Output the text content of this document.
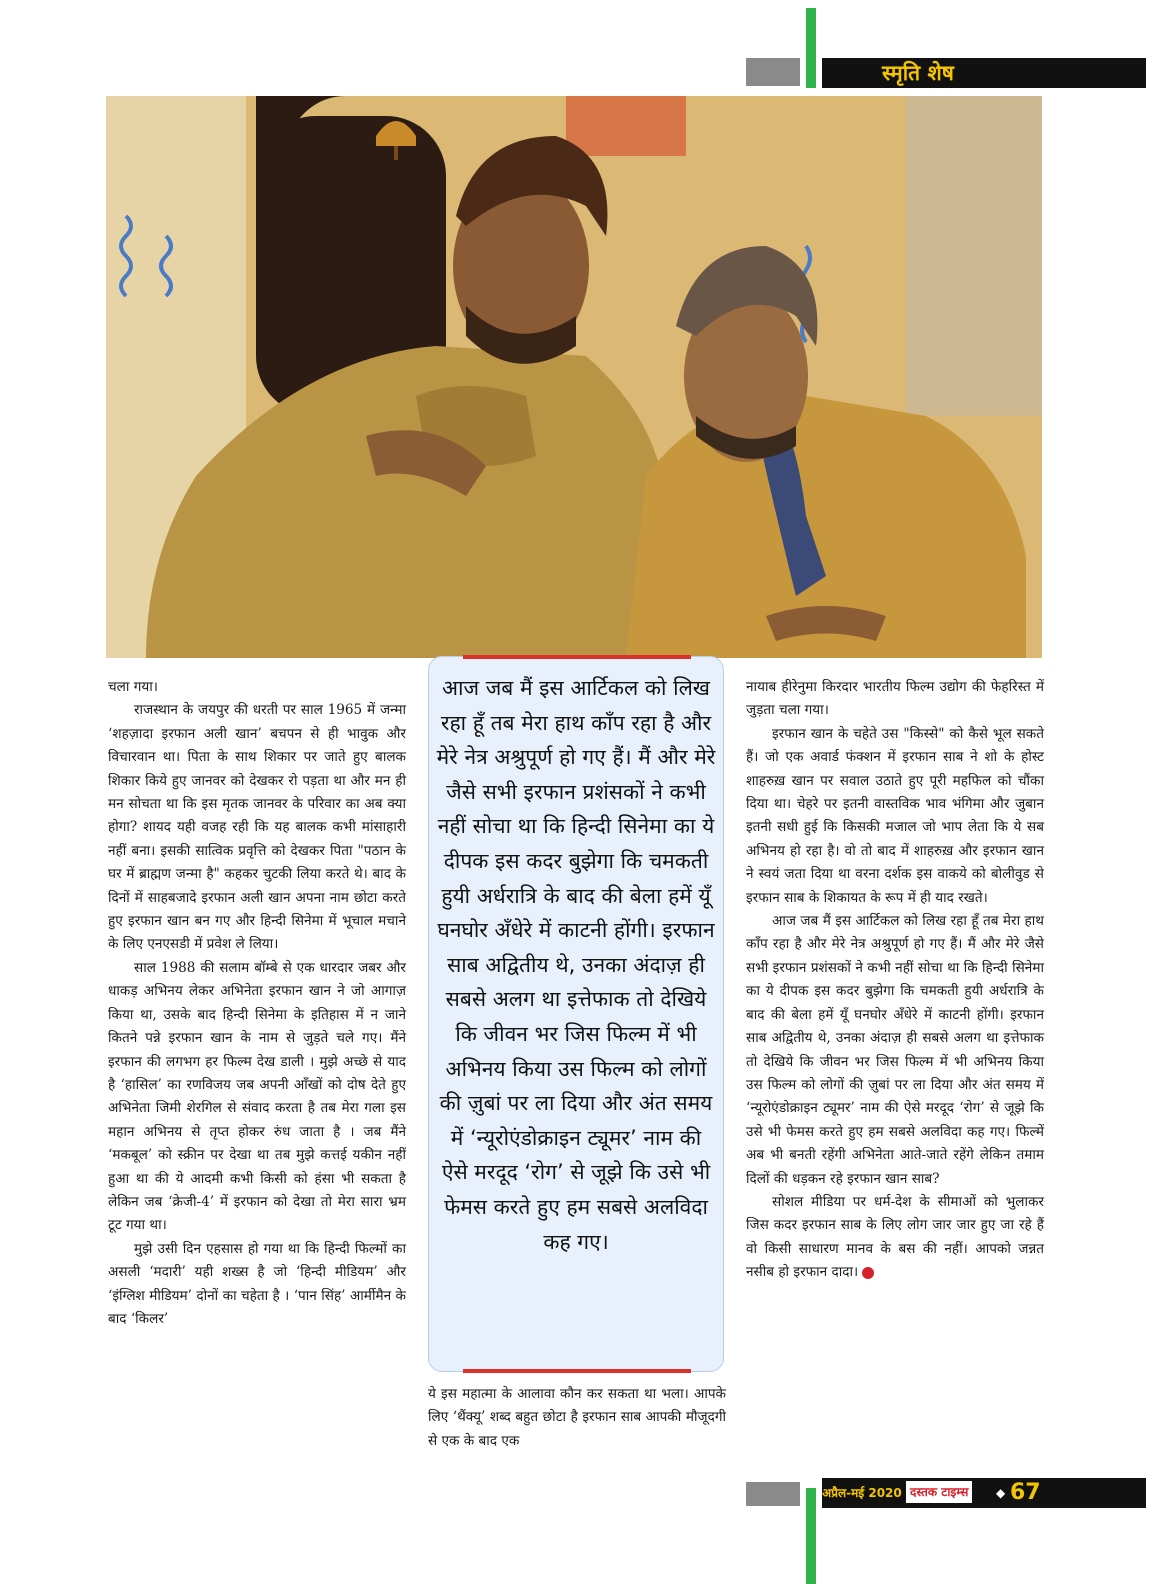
स्मृति शेष

चला गया।

राजस्थान के जयपुर की धरती पर साल 1965 में जन्मा ‘शहज़ादा इरफान अली खान’ बचपन से ही भावुक और विचारवान था। पिता के साथ शिकार पर जाते हुए बालक शिकार किये हुए जानवर को देखकर रो पड़ता था और मन ही मन सोचता था कि इस मृतक जानवर के परिवार का अब क्या होगा? शायद यही वजह रही कि यह बालक कभी मांसाहारी नहीं बना। इसकी सात्विक प्रवृत्ति को देखकर पिता "पठान के घर में ब्राह्मण जन्मा है" कहकर चुटकी लिया करते थे। बाद के दिनों में साहबजादे इरफान अली खान अपना नाम छोटा करते हुए इरफान खान बन गए और हिन्दी सिनेमा में भूचाल मचाने के लिए एनएसडी में प्रवेश ले लिया।

साल 1988 की सलाम बॉम्बे से एक धारदार जबर और धाकड़ अभिनय लेकर अभिनेता इरफान खान ने जो आगाज़ किया था, उसके बाद हिन्दी सिनेमा के इतिहास में न जाने कितने पन्ने इरफान खान के नाम से जुड़ते चले गए। मैंने इरफान की लगभग हर फिल्म देख डाली । मुझे अच्छे से याद है ‘हासिल’ का रणविजय जब अपनी आँखों को दोष देते हुए अभिनेता जिमी शेरगिल से संवाद करता है तब मेरा गला इस महान अभिनय से तृप्त होकर रुंध जाता है । जब मैंने ‘मकबूल’ को स्क्रीन पर देखा था तब मुझे कत्तई यकीन नहीं हुआ था की ये आदमी कभी किसी को हंसा भी सकता है लेकिन जब ‘क्रेजी-4’ में इरफान को देखा तो मेरा सारा भ्रम टूट गया था।

मुझे उसी दिन एहसास हो गया था कि हिन्दी फिल्मों का असली ‘मदारी’ यही शख्स है जो ‘हिन्दी मीडियम’ और ‘इंग्लिश मीडियम’ दोनों का चहेता है । ‘पान सिंह’ आर्मीमैन के बाद ‘किलर’

आज जब मैं इस आर्टिकल को लिख रहा हूँ तब मेरा हाथ काँप रहा है और मेरे नेत्र अश्रुपूर्ण हो गए हैं। मैं और मेरे जैसे सभी इरफान प्रशंसकों ने कभी नहीं सोचा था कि हिन्दी सिनेमा का ये दीपक इस कदर बुझेगा कि चमकती हुयी अर्धरात्रि के बाद की बेला हमें यूँ घनघोर अँधेरे में काटनी होंगी। इरफान साब अद्वितीय थे, उनका अंदाज़ ही सबसे अलग था इत्तेफाक तो देखिये कि जीवन भर जिस फिल्म में भी अभिनय किया उस फिल्म को लोगों की ज़ुबां पर ला दिया और अंत समय में ‘न्यूरोएंडोक्राइन ट्यूमर’ नाम की ऐसे मरदूद ‘रोग’ से जूझे कि उसे भी फेमस करते हुए हम सबसे अलविदा कह गए।

ये इस महात्मा के आलावा कौन कर सकता था भला। आपके लिए ‘थैंक्यू’ शब्द बहुत छोटा है इरफान साब आपकी मौजूदगी से एक के बाद एक

नायाब हीरेनुमा किरदार भारतीय फिल्म उद्योग की फेहरिस्त में जुड़ता चला गया।

इरफान खान के चहेते उस "किस्से" को कैसे भूल सकते हैं। जो एक अवार्ड फंक्शन में इरफान साब ने शो के होस्ट शाहरुख़ खान पर सवाल उठाते हुए पूरी महफिल को चौंका दिया था। चेहरे पर इतनी वास्तविक भाव भंगिमा और जुबान इतनी सधी हुई कि किसकी मजाल जो भाप लेता कि ये सब अभिनय हो रहा है। वो तो बाद में शाहरुख़ और इरफान खान ने स्वयं जता दिया था वरना दर्शक इस वाकये को बोलीवुड से इरफान साब के शिकायत के रूप में ही याद रखते।

आज जब मैं इस आर्टिकल को लिख रहा हूँ तब मेरा हाथ काँप रहा है और मेरे नेत्र अश्रुपूर्ण हो गए हैं। मैं और मेरे जैसे सभी इरफान प्रशंसकों ने कभी नहीं सोचा था कि हिन्दी सिनेमा का ये दीपक इस कदर बुझेगा कि चमकती हुयी अर्धरात्रि के बाद की बेला हमें यूँ घनघोर अँधेरे में काटनी होंगी। इरफान साब अद्वितीय थे, उनका अंदाज़ ही सबसे अलग था इत्तेफाक तो देखिये कि जीवन भर जिस फिल्म में भी अभिनय किया उस फिल्म को लोगों की ज़ुबां पर ला दिया और अंत समय में ‘न्यूरोएंडोक्राइन ट्यूमर’ नाम की ऐसे मरदूद ‘रोग’ से जूझे कि उसे भी फेमस करते हुए हम सबसे अलविदा कह गए। फिल्में अब भी बनती रहेंगी अभिनेता आते-जाते रहेंगे लेकिन तमाम दिलों की धड़कन रहे इरफान खान साब?

सोशल मीडिया पर धर्म-देश के सीमाओं को भुलाकर जिस कदर इरफान साब के लिए लोग जार जार हुए जा रहे हैं वो किसी साधारण मानव के बस की नहीं। आपको जन्नत नसीब हो इरफान दादा।

अप्रैल-मई 2020 दस्तक टाइम्स	◆ 67
